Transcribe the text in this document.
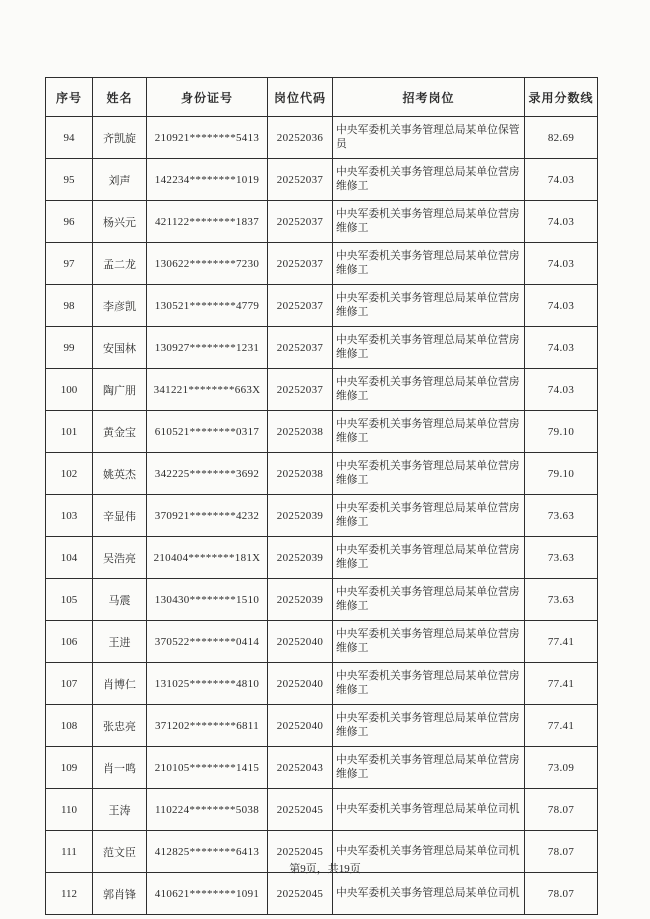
序号	姓名	身份证号	岗位代码	招考岗位	录用分数线
94	齐凯旋	210921********5413	20252036	中央军委机关事务管理总局某单位保管员	82.69
95	刘声	142234********1019	20252037	中央军委机关事务管理总局某单位营房维修工	74.03
96	杨兴元	421122********1837	20252037	中央军委机关事务管理总局某单位营房维修工	74.03
97	孟二龙	130622********7230	20252037	中央军委机关事务管理总局某单位营房维修工	74.03
98	李彦凯	130521********4779	20252037	中央军委机关事务管理总局某单位营房维修工	74.03
99	安国林	130927********1231	20252037	中央军委机关事务管理总局某单位营房维修工	74.03
100	陶广朋	341221********663X	20252037	中央军委机关事务管理总局某单位营房维修工	74.03
101	黄金宝	610521********0317	20252038	中央军委机关事务管理总局某单位营房维修工	79.10
102	姚英杰	342225********3692	20252038	中央军委机关事务管理总局某单位营房维修工	79.10
103	辛显伟	370921********4232	20252039	中央军委机关事务管理总局某单位营房维修工	73.63
104	吴浩亮	210404********181X	20252039	中央军委机关事务管理总局某单位营房维修工	73.63
105	马震	130430********1510	20252039	中央军委机关事务管理总局某单位营房维修工	73.63
106	王进	370522********0414	20252040	中央军委机关事务管理总局某单位营房维修工	77.41
107	肖博仁	131025********4810	20252040	中央军委机关事务管理总局某单位营房维修工	77.41
108	张忠亮	371202********6811	20252040	中央军委机关事务管理总局某单位营房维修工	77.41
109	肖一鸣	210105********1415	20252043	中央军委机关事务管理总局某单位营房维修工	73.09
110	王涛	110224********5038	20252045	中央军委机关事务管理总局某单位司机	78.07
111	范文臣	412825********6413	20252045	中央军委机关事务管理总局某单位司机	78.07
112	郭肖锋	410621********1091	20252045	中央军委机关事务管理总局某单位司机	78.07
第9页，共19页
